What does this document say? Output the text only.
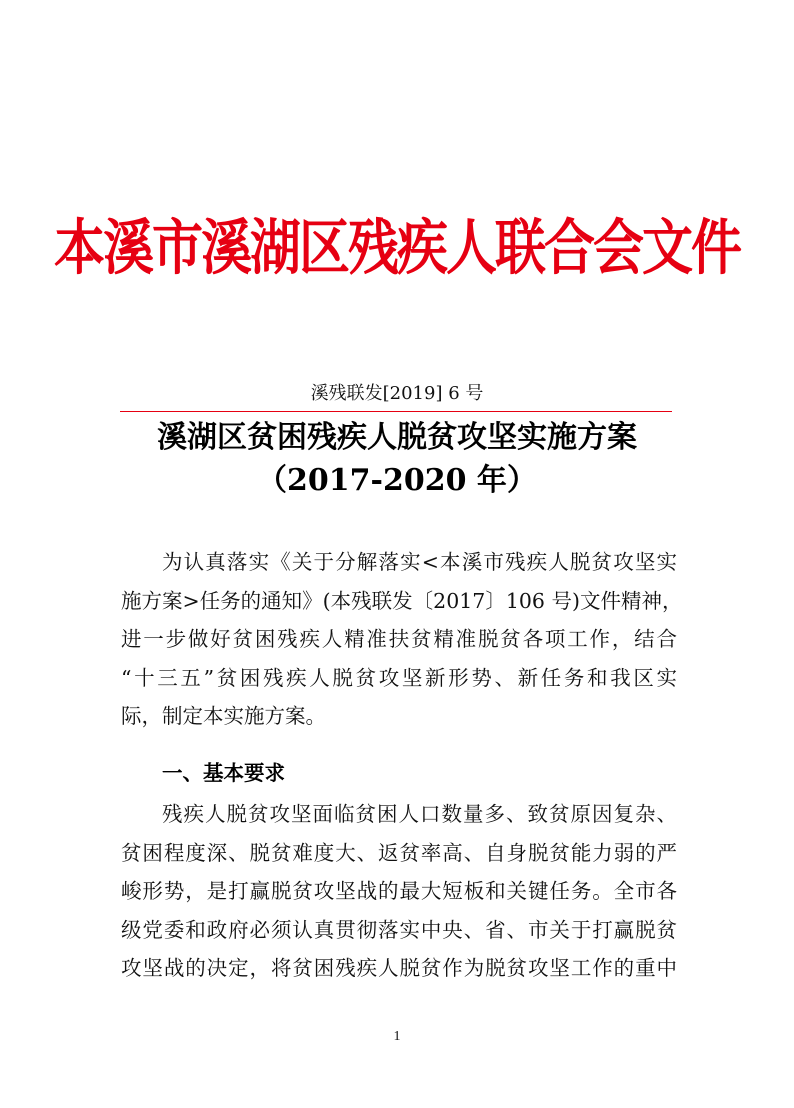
本溪市溪湖区残疾人联合会文件
溪残联发[2019] 6 号
溪湖区贫困残疾人脱贫攻坚实施方案
（2017-2020 年）
为认真落实《关于分解落实<本溪市残疾人脱贫攻坚实
施方案>任务的通知》(本残联发〔2017〕106 号)文件精神，
进一步做好贫困残疾人精准扶贫精准脱贫各项工作，结合
“十三五”贫困残疾人脱贫攻坚新形势、新任务和我区实
际，制定本实施方案。
一、基本要求
残疾人脱贫攻坚面临贫困人口数量多、致贫原因复杂、
贫困程度深、脱贫难度大、返贫率高、自身脱贫能力弱的严
峻形势，是打赢脱贫攻坚战的最大短板和关键任务。全市各
级党委和政府必须认真贯彻落实中央、省、市关于打赢脱贫
攻坚战的决定，将贫困残疾人脱贫作为脱贫攻坚工作的重中
1
